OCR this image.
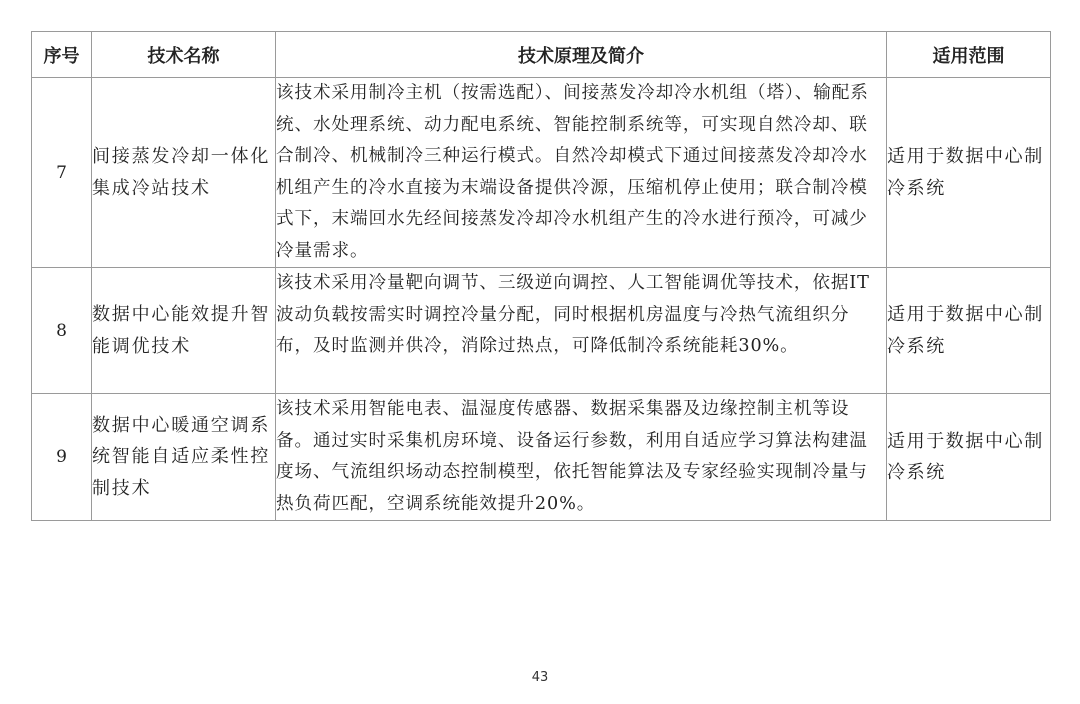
序号	技术名称	技术原理及简介	适用范围
7	间接蒸发冷却一体化集成冷站技术	该技术采用制冷主机（按需选配）、间接蒸发冷却冷水机组（塔）、输配系统、水处理系统、动力配电系统、智能控制系统等，可实现自然冷却、联合制冷、机械制冷三种运行模式。自然冷却模式下通过间接蒸发冷却冷水机组产生的冷水直接为末端设备提供冷源，压缩机停止使用；联合制冷模式下，末端回水先经间接蒸发冷却冷水机组产生的冷水进行预冷，可减少冷量需求。	适用于数据中心制冷系统
8	数据中心能效提升智能调优技术	该技术采用冷量靶向调节、三级逆向调控、人工智能调优等技术，依据IT波动负载按需实时调控冷量分配，同时根据机房温度与冷热气流组织分布，及时监测并供冷，消除过热点，可降低制冷系统能耗30%。	适用于数据中心制冷系统
9	数据中心暖通空调系统智能自适应柔性控制技术	该技术采用智能电表、温湿度传感器、数据采集器及边缘控制主机等设备。通过实时采集机房环境、设备运行参数，利用自适应学习算法构建温度场、气流组织场动态控制模型，依托智能算法及专家经验实现制冷量与热负荷匹配，空调系统能效提升20%。	适用于数据中心制冷系统
43
